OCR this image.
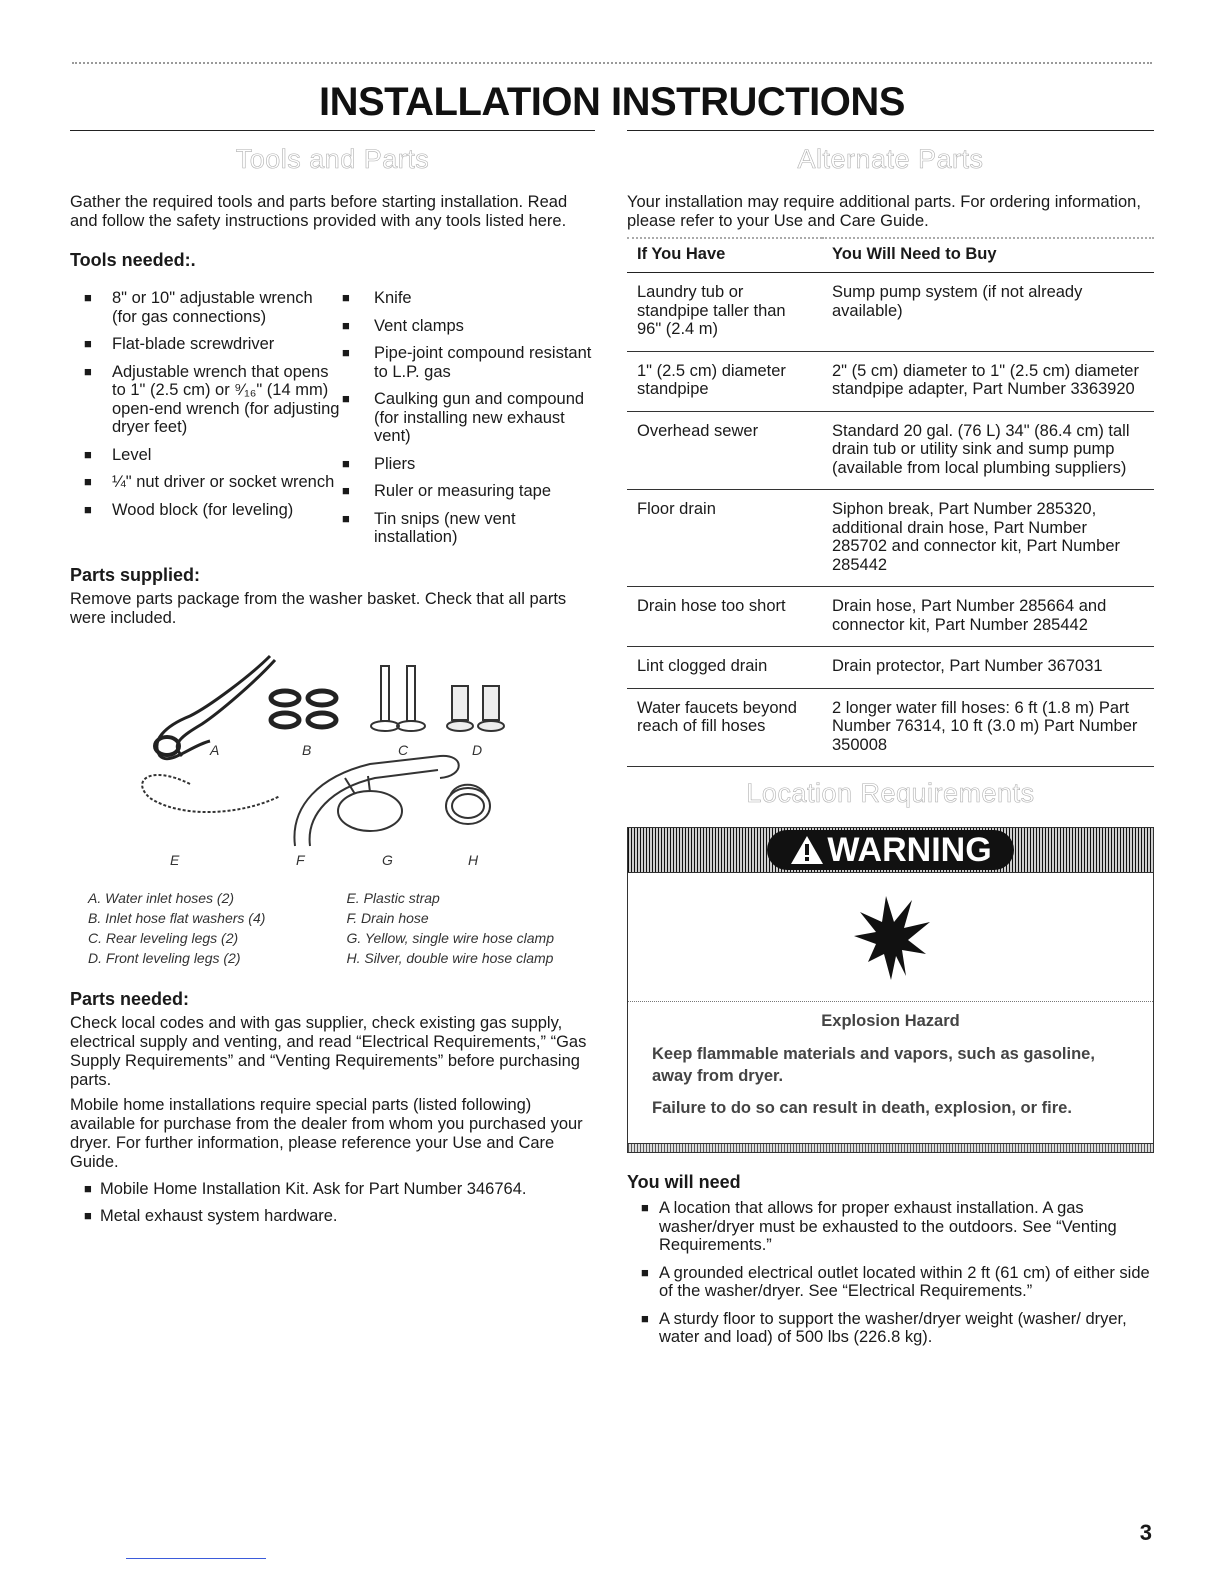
INSTALLATION INSTRUCTIONS
Tools and Parts

Gather the required tools and parts before starting installation. Read and follow the safety instructions provided with any tools listed here.

Tools needed:.
■ 8" or 10" adjustable wrench (for gas connections)
■ Flat-blade screwdriver
■ Adjustable wrench that opens to 1" (2.5 cm) or ⁹⁄₁₆" (14 mm) open-end wrench (for adjusting dryer feet)
■ Level
■ ¼" nut driver or socket wrench
■ Wood block (for leveling)
■ Knife
■ Vent clamps
■ Pipe-joint compound resistant to L.P. gas
■ Caulking gun and compound (for installing new exhaust vent)
■ Pliers
■ Ruler or measuring tape
■ Tin snips (new vent installation)
Parts supplied:

Remove parts package from the washer basket. Check that all parts were included.

A	B	C	D
E	F	G	H
A. Water inlet hoses (2)
B. Inlet hose flat washers (4)
C. Rear leveling legs (2)
D. Front leveling legs (2)
E. Plastic strap
F. Drain hose
G. Yellow, single wire hose clamp
H. Silver, double wire hose clamp
Parts needed:

Check local codes and with gas supplier, check existing gas supply, electrical supply and venting, and read “Electrical Requirements,” “Gas Supply Requirements” and “Venting Requirements” before purchasing parts.

Mobile home installations require special parts (listed following) available for purchase from the dealer from whom you purchased your dryer. For further information, please reference your Use and Care Guide.

■ Mobile Home Installation Kit. Ask for Part Number 346764.
■ Metal exhaust system hardware.
Alternate Parts

Your installation may require additional parts. For ordering information, please refer to your Use and Care Guide.

If You Have	You Will Need to Buy
Laundry tub or standpipe taller than 96" (2.4 m)	Sump pump system (if not already available)
1" (2.5 cm) diameter standpipe	2" (5 cm) diameter to 1" (2.5 cm) diameter standpipe adapter, Part Number 3363920
Overhead sewer	Standard 20 gal. (76 L) 34" (86.4 cm) tall drain tub or utility sink and sump pump (available from local plumbing suppliers)
Floor drain	Siphon break, Part Number 285320, additional drain hose, Part Number 285702 and connector kit, Part Number 285442
Drain hose too short	Drain hose, Part Number 285664 and connector kit, Part Number 285442
Lint clogged drain	Drain protector, Part Number 367031
Water faucets beyond reach of fill hoses	2 longer water fill hoses: 6 ft (1.8 m) Part Number 76314, 10 ft (3.0 m) Part Number 350008
Location Requirements
WARNING
Explosion Hazard
Keep flammable materials and vapors, such as gasoline, away from dryer.
Failure to do so can result in death, explosion, or fire.
You will need
■ A location that allows for proper exhaust installation. A gas washer/dryer must be exhausted to the outdoors. See “Venting Requirements.”
■ A grounded electrical outlet located within 2 ft (61 cm) of either side of the washer/dryer. See “Electrical Requirements.”
■ A sturdy floor to support the washer/dryer weight (washer/ dryer, water and load) of 500 lbs (226.8 kg).
3
